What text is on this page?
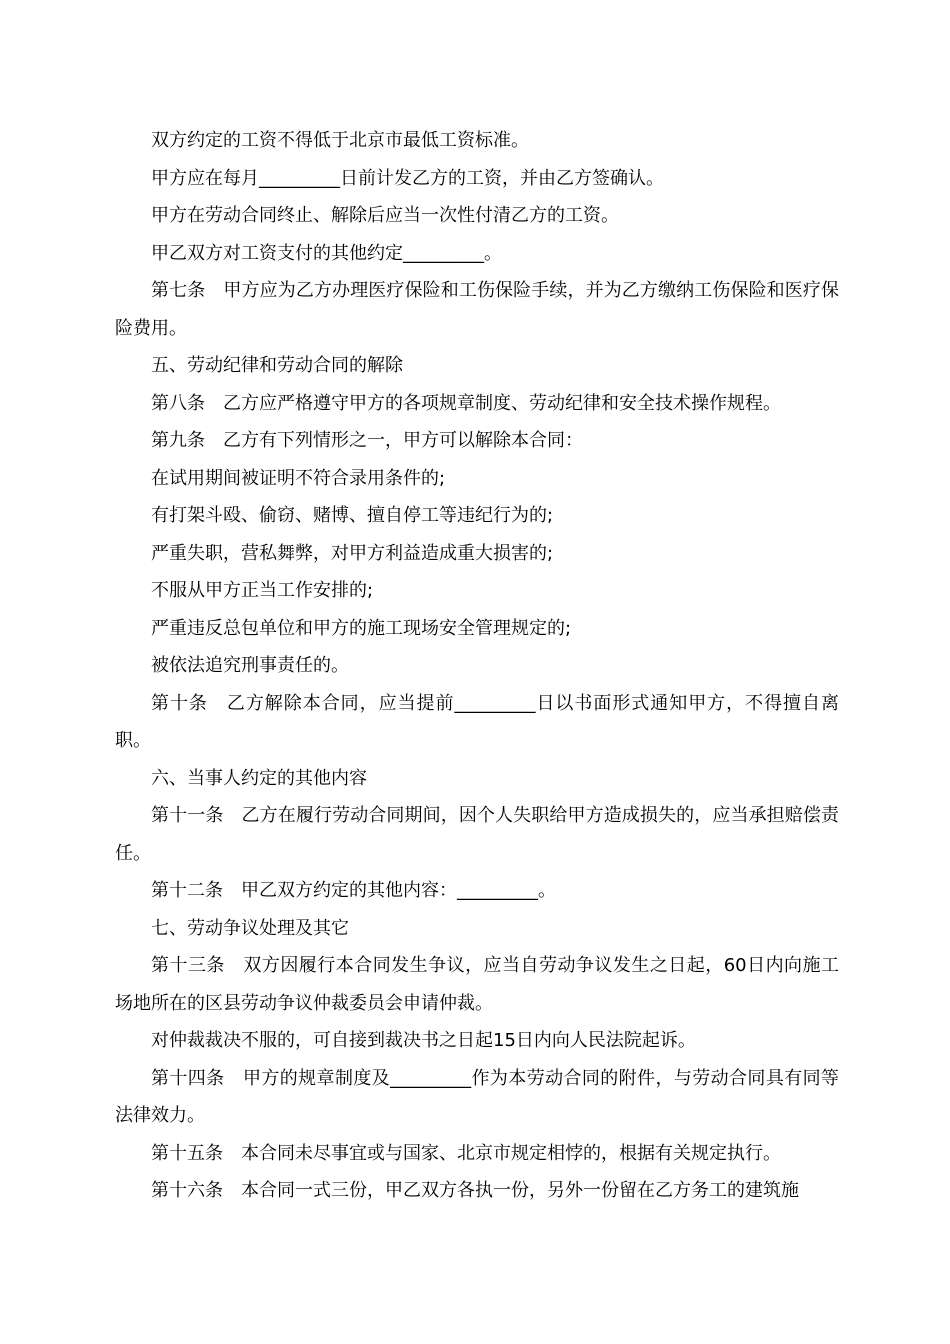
双方约定的工资不得低于北京市最低工资标准。

甲方应在每月_________日前计发乙方的工资，并由乙方签确认。

甲方在劳动合同终止、解除后应当一次性付清乙方的工资。

甲乙双方对工资支付的其他约定_________。

第七条　甲方应为乙方办理医疗保险和工伤保险手续，并为乙方缴纳工伤保险和医疗保险费用。

五、劳动纪律和劳动合同的解除

第八条　乙方应严格遵守甲方的各项规章制度、劳动纪律和安全技术操作规程。

第九条　乙方有下列情形之一，甲方可以解除本合同：

在试用期间被证明不符合录用条件的;

有打架斗殴、偷窃、赌博、擅自停工等违纪行为的;

严重失职，营私舞弊，对甲方利益造成重大损害的;

不服从甲方正当工作安排的;

严重违反总包单位和甲方的施工现场安全管理规定的;

被依法追究刑事责任的。

第十条　乙方解除本合同，应当提前_________日以书面形式通知甲方，不得擅自离职。

六、当事人约定的其他内容

第十一条　乙方在履行劳动合同期间，因个人失职给甲方造成损失的，应当承担赔偿责任。

第十二条　甲乙双方约定的其他内容：_________。

七、劳动争议处理及其它

第十三条　双方因履行本合同发生争议，应当自劳动争议发生之日起，60日内向施工场地所在的区县劳动争议仲裁委员会申请仲裁。

对仲裁裁决不服的，可自接到裁决书之日起15日内向人民法院起诉。

第十四条　甲方的规章制度及_________作为本劳动合同的附件，与劳动合同具有同等法律效力。

第十五条　本合同未尽事宜或与国家、北京市规定相悖的，根据有关规定执行。

第十六条　本合同一式三份，甲乙双方各执一份，另外一份留在乙方务工的建筑施
